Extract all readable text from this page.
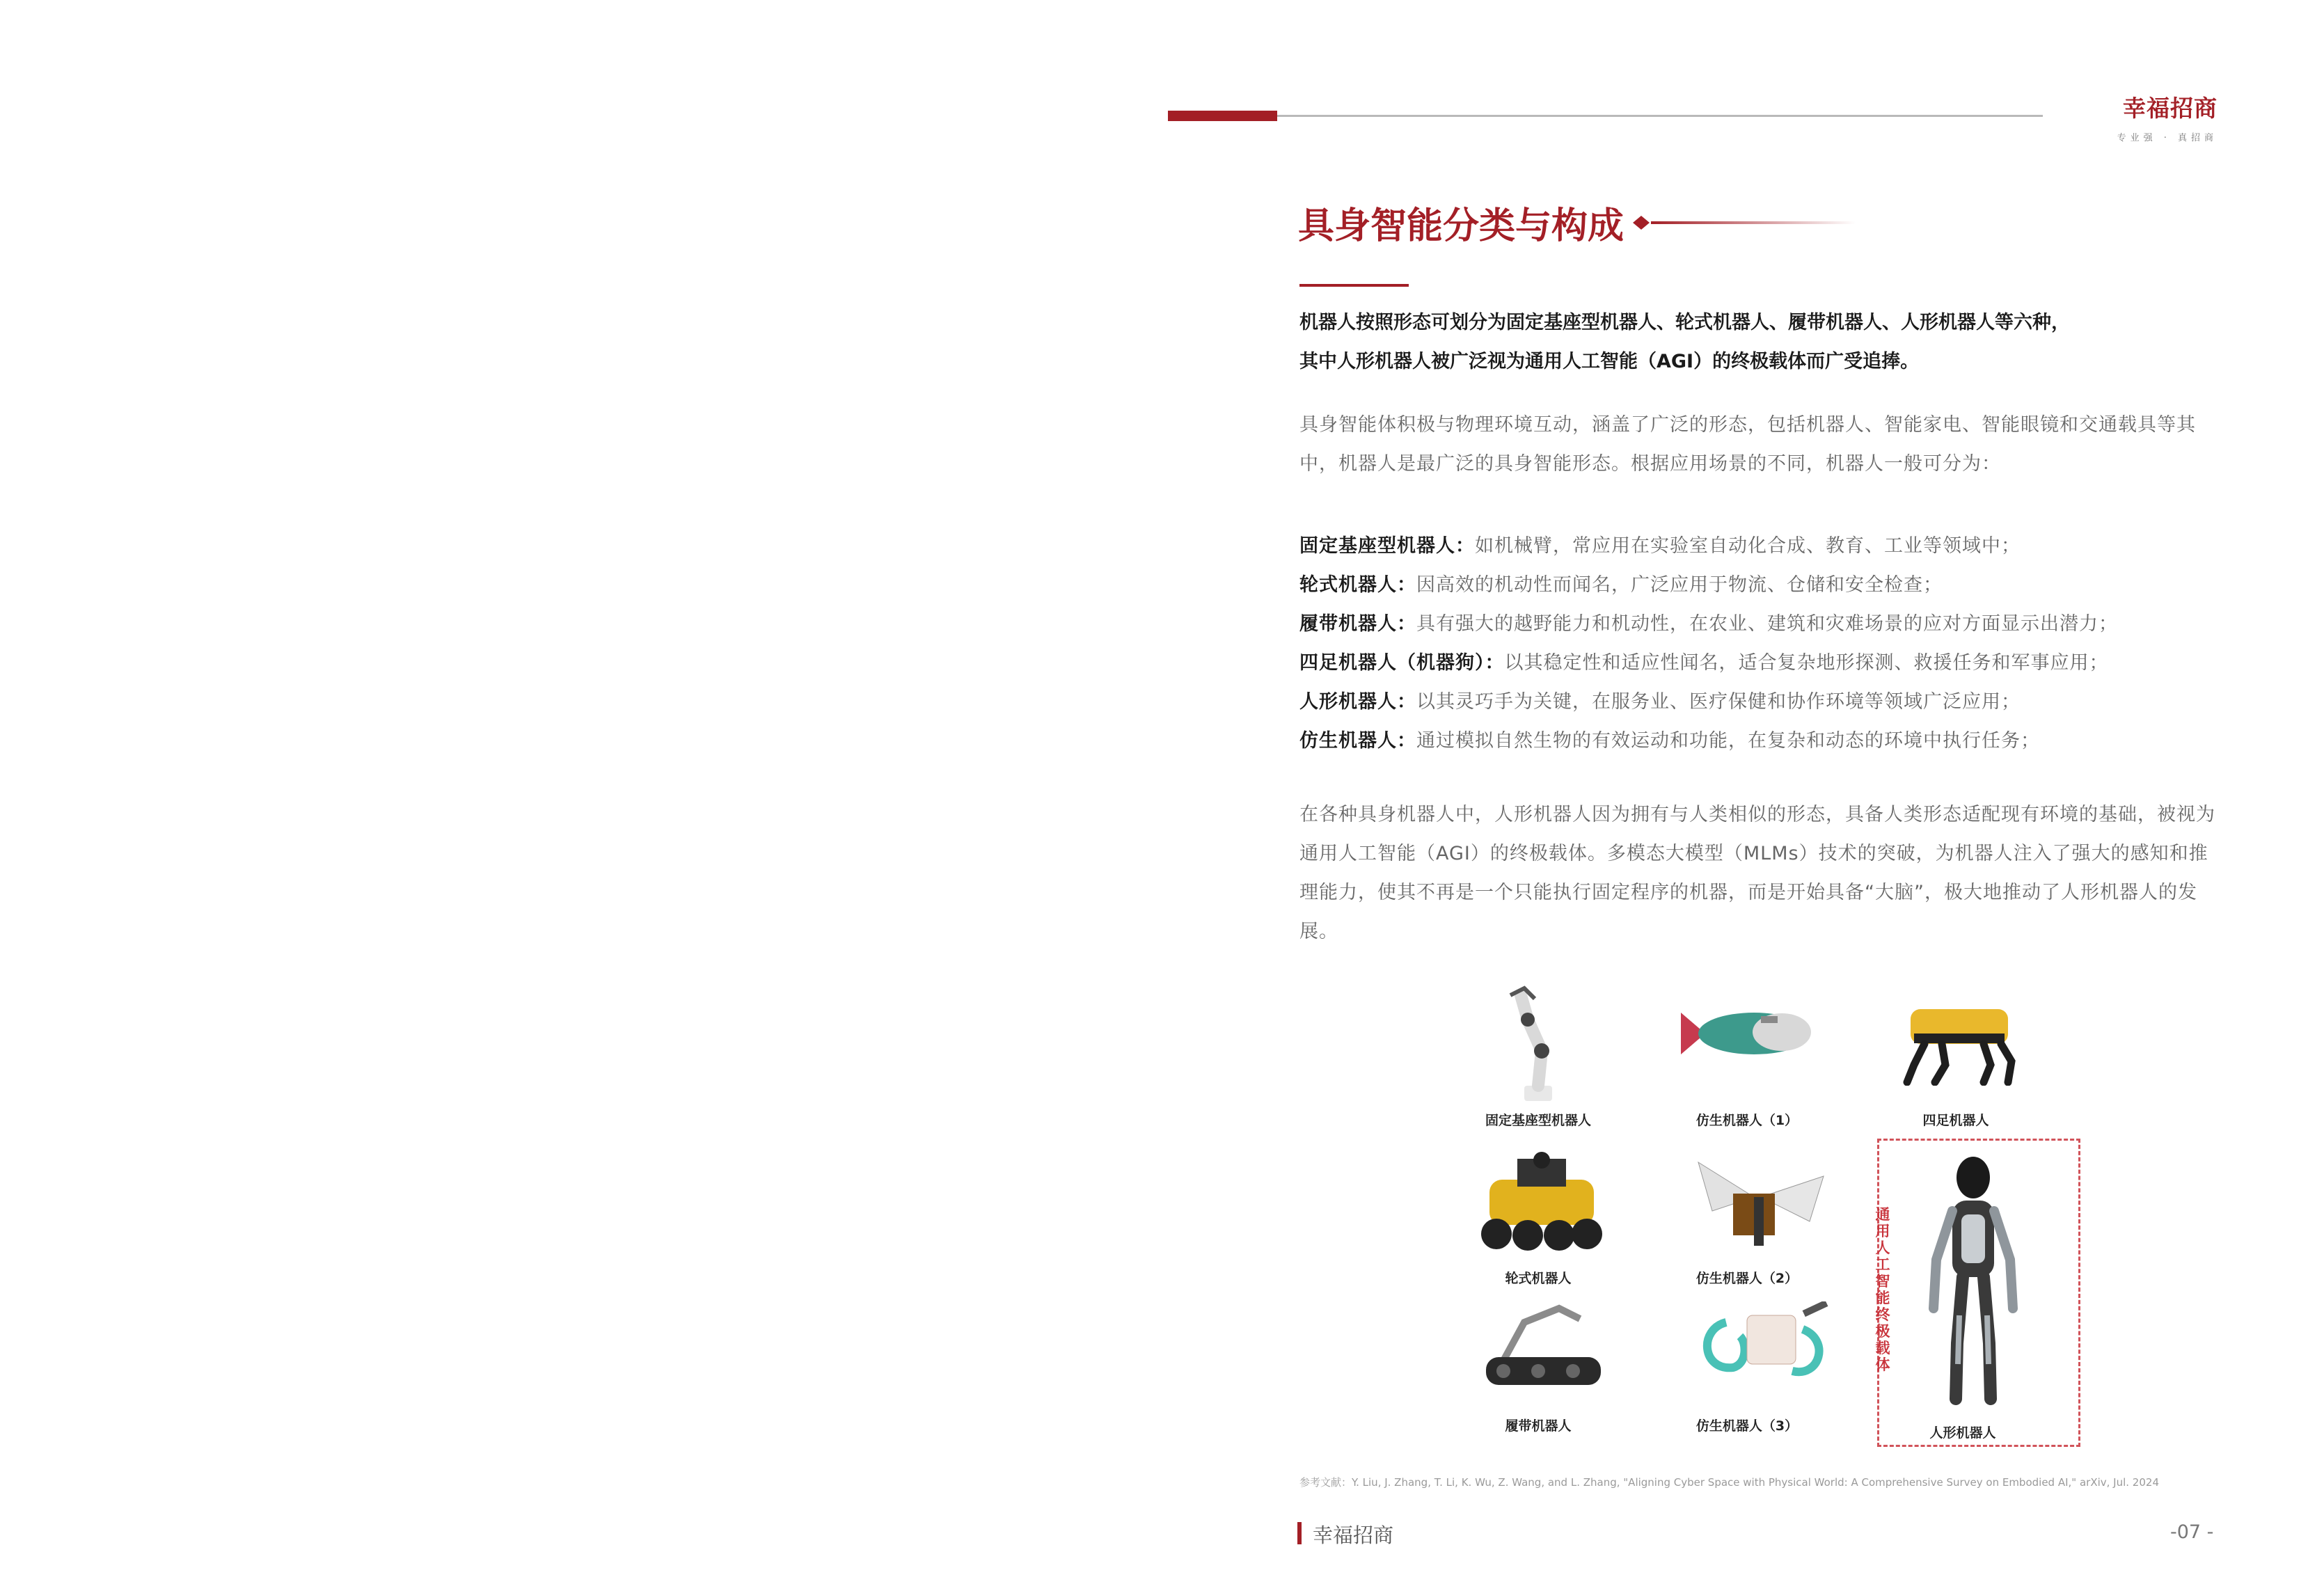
幸福招商
专业强 · 真招商
具身智能分类与构成
机器人按照形态可划分为固定基座型机器人、轮式机器人、履带机器人、人形机器人等六种，
其中人形机器人被广泛视为通用人工智能（AGI）的终极载体而广受追捧。
具身智能体积极与物理环境互动，涵盖了广泛的形态，包括机器人、智能家电、智能眼镜和交通载具等其中，机器人是最广泛的具身智能形态。根据应用场景的不同，机器人一般可分为：
固定基座型机器人：如机械臂，常应用在实验室自动化合成、教育、工业等领域中；
轮式机器人：因高效的机动性而闻名，广泛应用于物流、仓储和安全检查；
履带机器人：具有强大的越野能力和机动性，在农业、建筑和灾难场景的应对方面显示出潜力；
四足机器人（机器狗）：以其稳定性和适应性闻名，适合复杂地形探测、救援任务和军事应用；
人形机器人：以其灵巧手为关键，在服务业、医疗保健和协作环境等领域广泛应用；
仿生机器人：通过模拟自然生物的有效运动和功能，在复杂和动态的环境中执行任务；
在各种具身机器人中，人形机器人因为拥有与人类相似的形态，具备人类形态适配现有环境的基础，被视为通用人工智能（AGI）的终极载体。多模态大模型（MLMs）技术的突破，为机器人注入了强大的感知和推理能力，使其不再是一个只能执行固定程序的机器，而是开始具备“大脑”，极大地推动了人形机器人的发展。
固定基座型机器人	仿生机器人（1）	四足机器人
轮式机器人	仿生机器人（2）
履带机器人	仿生机器人（3）	人形机器人
通用人工智能终极载体
参考文献：Y. Liu, J. Zhang, T. Li, K. Wu, Z. Wang, and L. Zhang, "Aligning Cyber Space with Physical World: A Comprehensive Survey on Embodied AI," arXiv, Jul. 2024
幸福招商	-07 -
